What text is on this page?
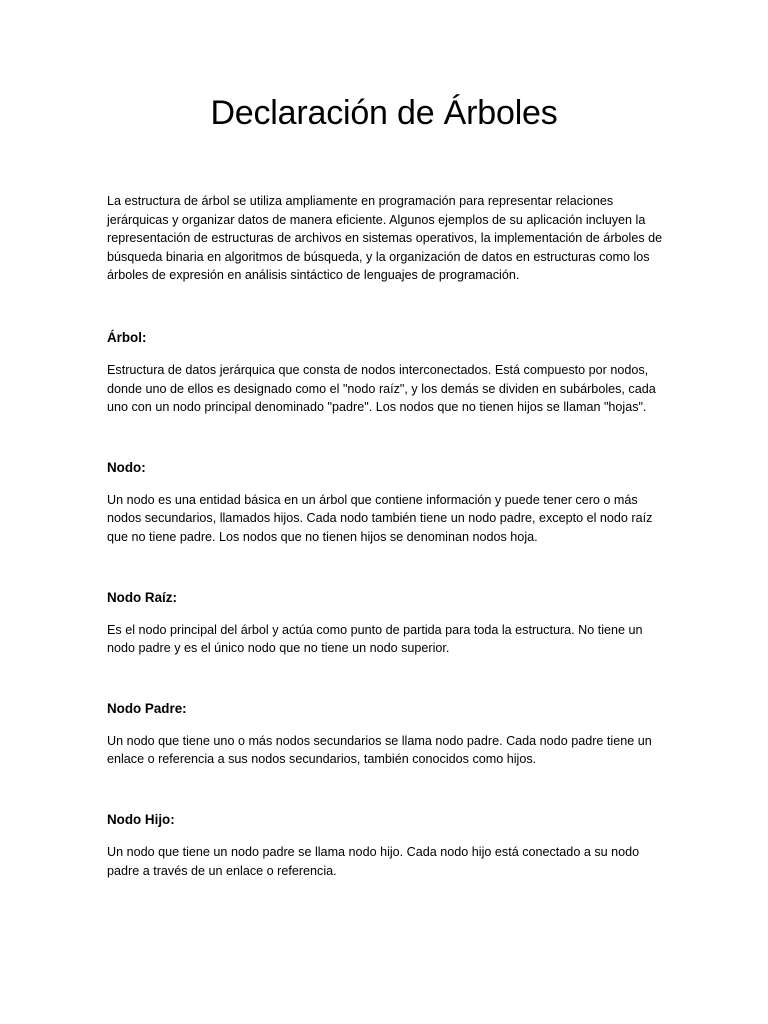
Declaración de Árboles

La estructura de árbol se utiliza ampliamente en programación para representar relaciones jerárquicas y organizar datos de manera eficiente. Algunos ejemplos de su aplicación incluyen la representación de estructuras de archivos en sistemas operativos, la implementación de árboles de búsqueda binaria en algoritmos de búsqueda, y la organización de datos en estructuras como los árboles de expresión en análisis sintáctico de lenguajes de programación.

Árbol:

Estructura de datos jerárquica que consta de nodos interconectados. Está compuesto por nodos, donde uno de ellos es designado como el "nodo raíz", y los demás se dividen en subárboles, cada uno con un nodo principal denominado "padre". Los nodos que no tienen hijos se llaman "hojas".

Nodo:

Un nodo es una entidad básica en un árbol que contiene información y puede tener cero o más nodos secundarios, llamados hijos. Cada nodo también tiene un nodo padre, excepto el nodo raíz que no tiene padre. Los nodos que no tienen hijos se denominan nodos hoja.

Nodo Raíz:

Es el nodo principal del árbol y actúa como punto de partida para toda la estructura. No tiene un nodo padre y es el único nodo que no tiene un nodo superior.

Nodo Padre:

Un nodo que tiene uno o más nodos secundarios se llama nodo padre. Cada nodo padre tiene un enlace o referencia a sus nodos secundarios, también conocidos como hijos.

Nodo Hijo:

Un nodo que tiene un nodo padre se llama nodo hijo. Cada nodo hijo está conectado a su nodo padre a través de un enlace o referencia.
